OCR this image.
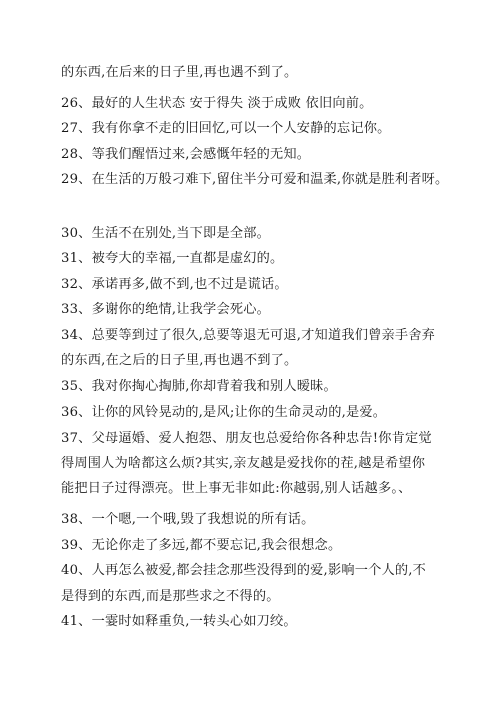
的东西,在后来的日子里,再也遇不到了。
26、最好的人生状态 安于得失 淡于成败 依旧向前。
27、我有你拿不走的旧回忆,可以一个人安静的忘记你。
28、等我们醒悟过来,会感慨年轻的无知。
29、在生活的万般刁难下,留住半分可爱和温柔,你就是胜利者呀。
30、生活不在别处,当下即是全部。
31、被夸大的幸福,一直都是虚幻的。
32、承诺再多,做不到,也不过是谎话。
33、多谢你的绝情,让我学会死心。
34、总要等到过了很久,总要等退无可退,才知道我们曾亲手舍弃
的东西,在之后的日子里,再也遇不到了。
35、我对你掏心掏肺,你却背着我和别人暧昧。
36、让你的风铃晃动的,是风;让你的生命灵动的,是爱。
37、父母逼婚、爱人抱怨、朋友也总爱给你各种忠告!你肯定觉
得周围人为啥都这么烦?其实,亲友越是爱找你的茬,越是希望你
能把日子过得漂亮。世上事无非如此:你越弱,别人话越多。、
38、一个嗯,一个哦,毁了我想说的所有话。
39、无论你走了多远,都不要忘记,我会很想念。
40、人再怎么被爱,都会挂念那些没得到的爱,影响一个人的,不
是得到的东西,而是那些求之不得的。
41、一霎时如释重负,一转头心如刀绞。
